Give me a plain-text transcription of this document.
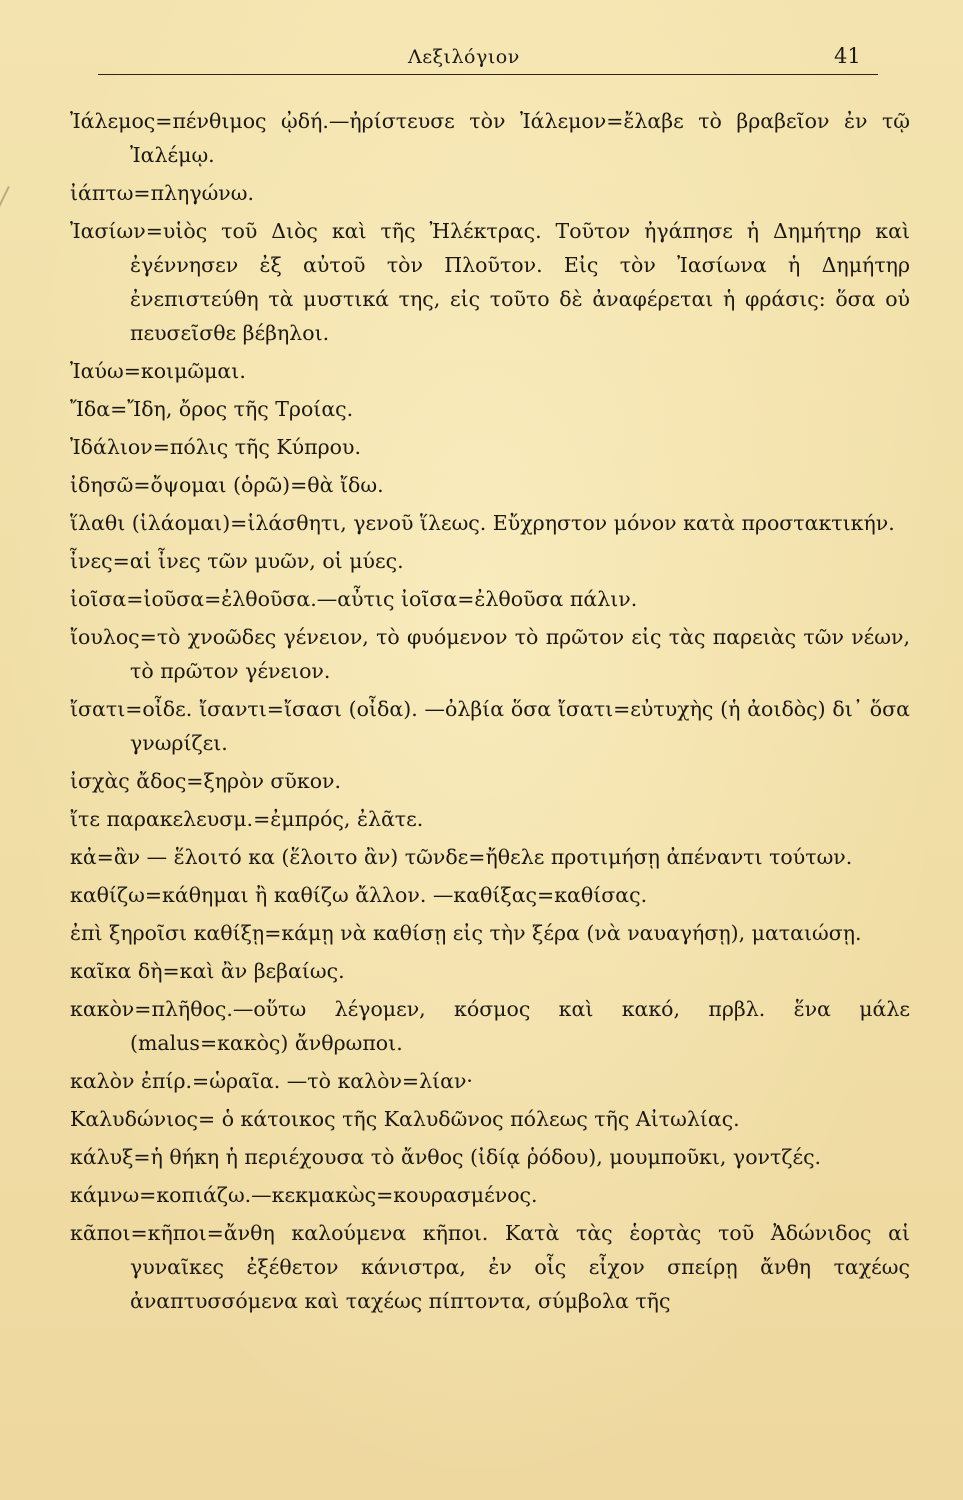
Λεξιλόγιον	41

Ἰάλεμος=πένθιμος ᾠδή.—ἠρίστευσε τὸν Ἰάλεμον=ἔλαβε τὸ βραβεῖον ἐν τῷ Ἰαλέμῳ.

ἰάπτω=πληγώνω.

Ἰασίων=υἱὸς τοῦ Διὸς καὶ τῆς Ἠλέκτρας. Τοῦτον ἠγάπησε ἡ Δημήτηρ καὶ ἐγέννησεν ἐξ αὐτοῦ τὸν Πλοῦτον. Εἰς τὸν Ἰασίωνα ἡ Δημήτηρ ἐνεπιστεύθη τὰ μυστικά της, εἰς τοῦτο δὲ ἀναφέρεται ἡ φράσις: ὅσα οὐ πευσεῖσθε βέβηλοι.

Ἰαύω=κοιμῶμαι.

Ἴδα=Ἴδη, ὄρος τῆς Τροίας.

Ἰδάλιον=πόλις τῆς Κύπρου.

ἰδησῶ=ὄψομαι (ὁρῶ)=θὰ ἴδω.

ἵλαθι (ἱλάομαι)=ἱλάσθητι, γενοῦ ἵλεως. Εὔχρηστον μόνον κατὰ προστακτικήν.

ἶνες=αἱ ἶνες τῶν μυῶν, οἱ μύες.

ἰοῖσα=ἰοῦσα=ἐλθοῦσα.—αὖτις ἰοῖσα=ἐλθοῦσα πάλιν.

ἴουλος=τὸ χνοῶδες γένειον, τὸ φυόμενον τὸ πρῶτον εἰς τὰς παρειὰς τῶν νέων, τὸ πρῶτον γένειον.

ἴσατι=οἶδε. ἴσαντι=ἴσασι (οἶδα). —ὀλβία ὅσα ἴσατι=εὐτυχὴς (ἡ ἀοιδὸς) δι᾿ ὅσα γνωρίζει.

ἰσχὰς ἄδος=ξηρὸν σῦκον.

ἴτε παρακελευσμ.=ἐμπρός, ἐλᾶτε.

κἀ=ἂν — ἕλοιτό κα (ἕλοιτο ἂν) τῶνδε=ἤθελε προτιμήσῃ ἀπέναντι τούτων.

καθίζω=κάθημαι ἢ καθίζω ἄλλον. —καθίξας=καθίσας.

ἐπὶ ξηροῖσι καθίξῃ=κάμῃ νὰ καθίσῃ εἰς τὴν ξέρα (νὰ ναυαγήσῃ), ματαιώσῃ.

καῖκα δὴ=καὶ ἂν βεβαίως.

κακὸν=πλῆθος.—οὕτω λέγομεν, κόσμος καὶ κακό, πρβλ. ἕνα μάλε (malus=κακὸς) ἄνθρωποι.

καλὸν ἐπίρ.=ὡραῖα. —τὸ καλὸν=λίαν·

Καλυδώνιος= ὁ κάτοικος τῆς Καλυδῶνος πόλεως τῆς Αἰτωλίας.

κάλυξ=ἡ θήκη ἡ περιέχουσα τὸ ἄνθος (ἰδίᾳ ῥόδου), μουμποῦκι, γοντζές.

κάμνω=κοπιάζω.—κεκμακὼς=κουρασμένος.

κᾶποι=κῆποι=ἄνθη καλούμενα κῆποι. Κατὰ τὰς ἑορτὰς τοῦ Ἀδώνιδος αἱ γυναῖκες ἐξέθετον κάνιστρα, ἐν οἷς εἶχον σπείρῃ ἄνθη ταχέως ἀναπτυσσόμενα καὶ ταχέως πίπτοντα, σύμβολα τῆς
